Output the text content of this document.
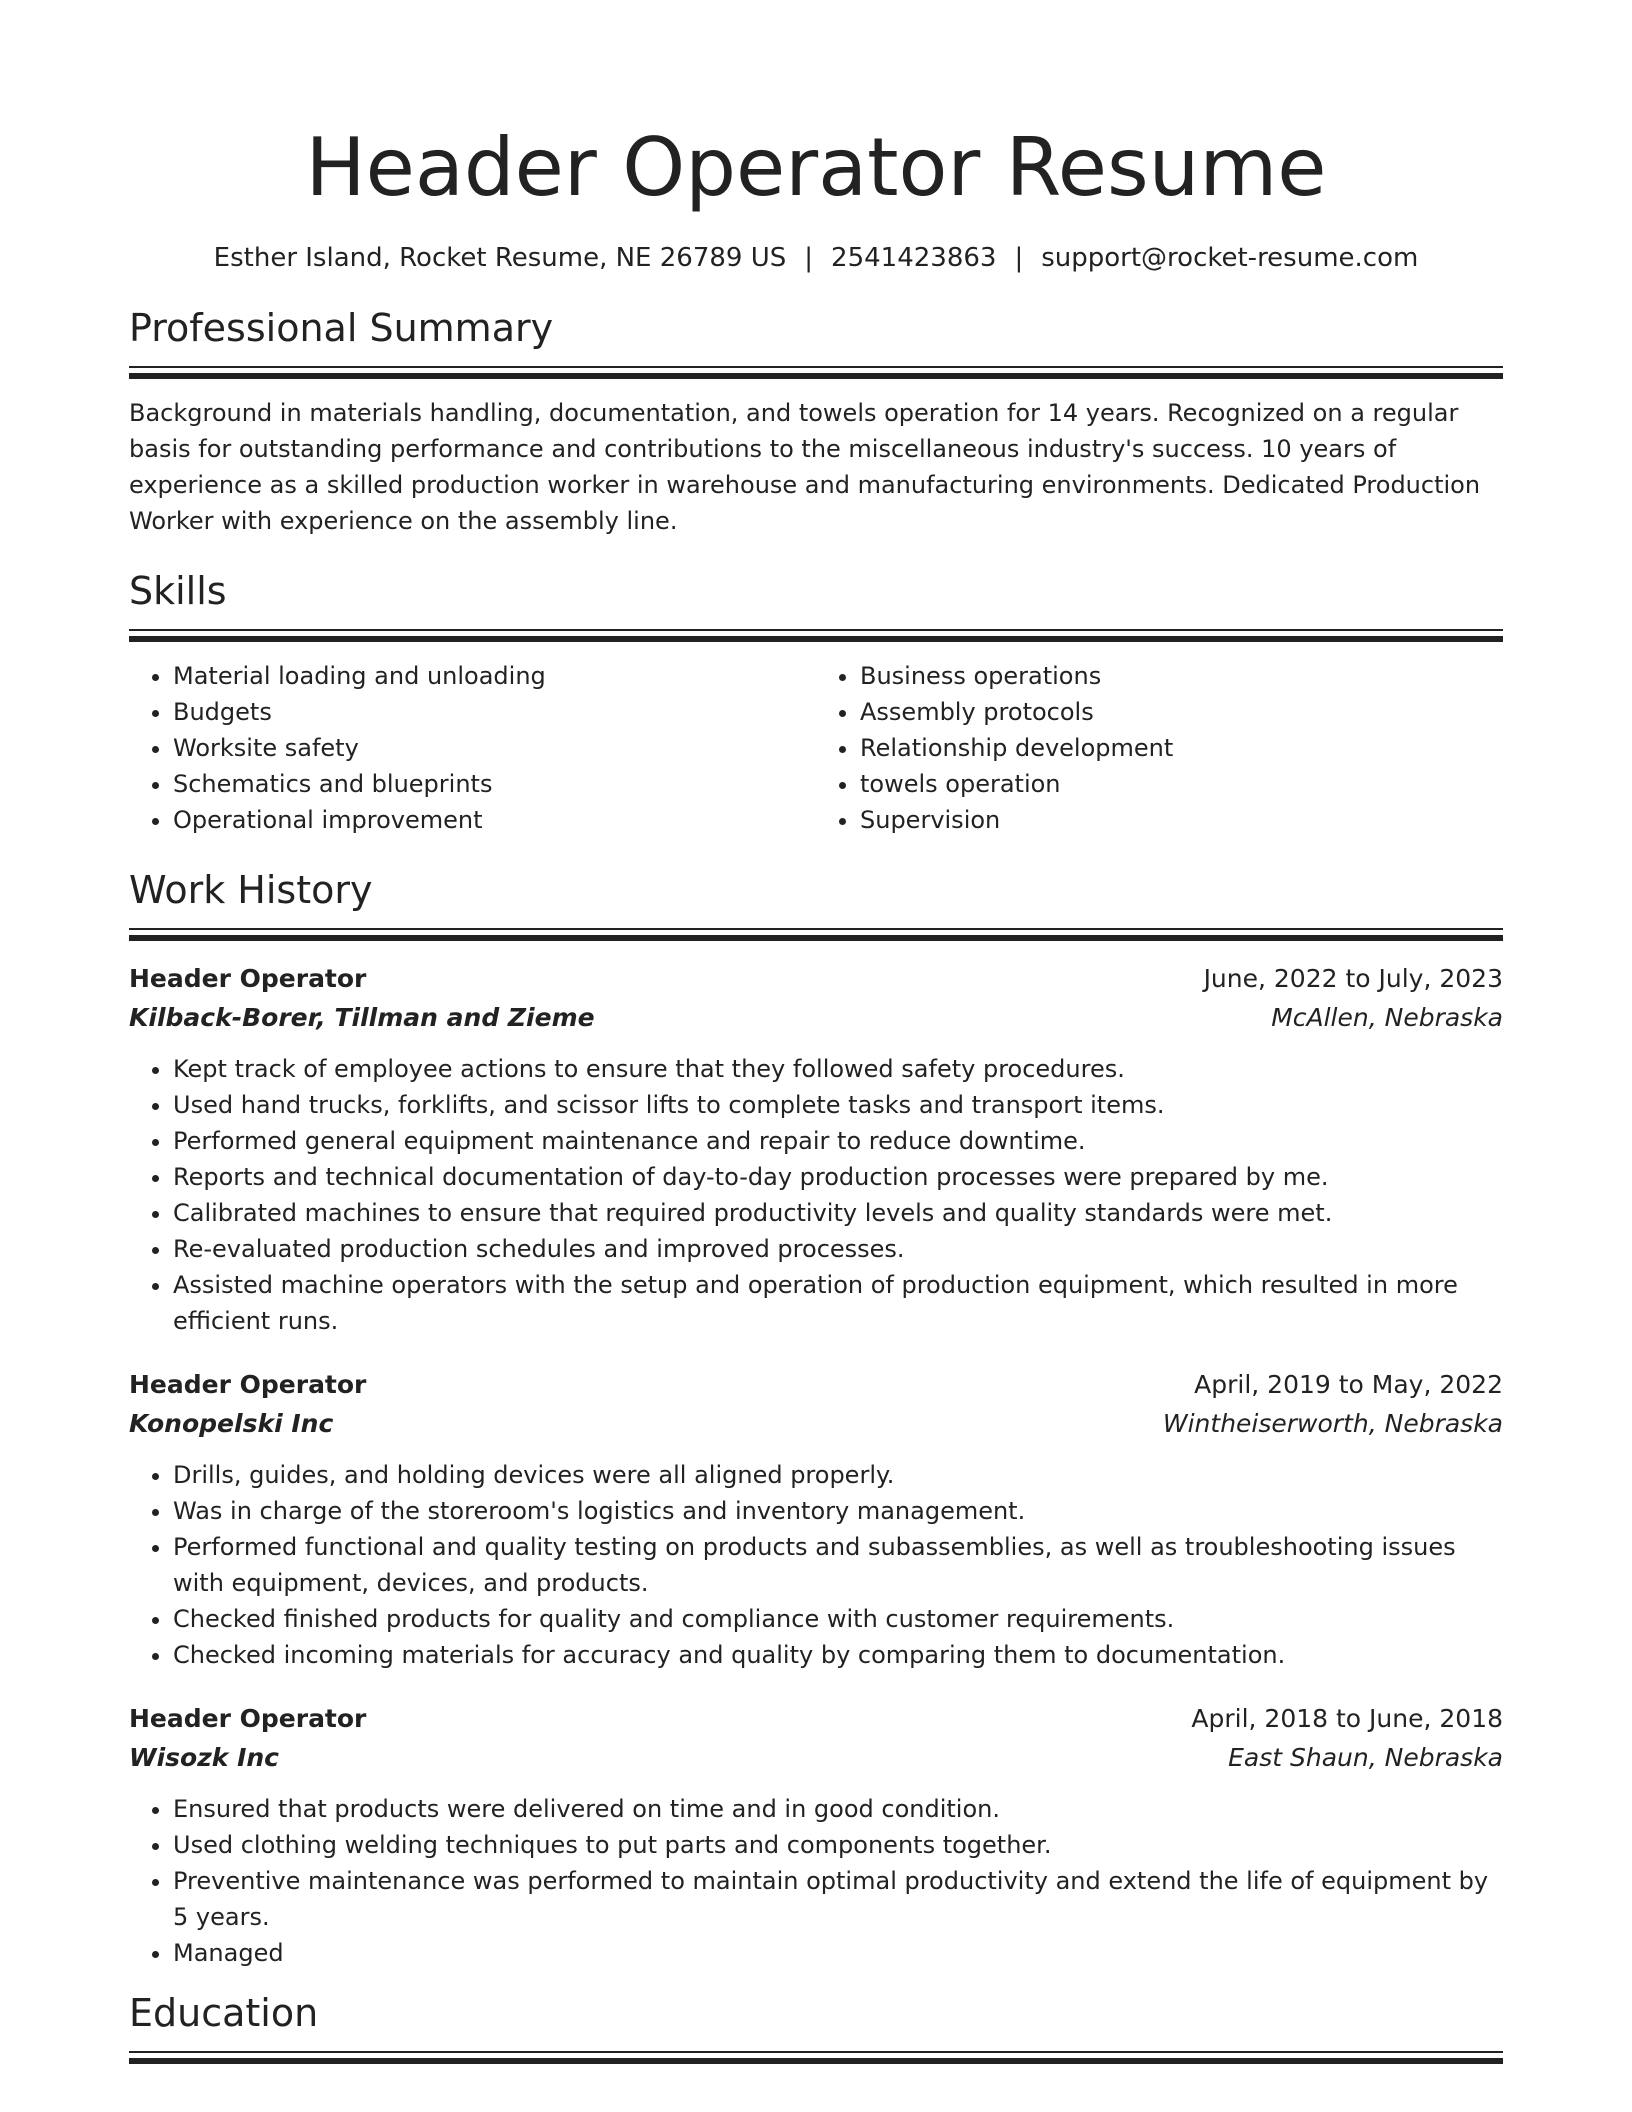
Header Operator Resume
Esther Island, Rocket Resume, NE 26789 US | 2541423863 | support@rocket-resume.com
Professional Summary
Background in materials handling, documentation, and towels operation for 14 years. Recognized on a regular basis for outstanding performance and contributions to the miscellaneous industry's success. 10 years of experience as a skilled production worker in warehouse and manufacturing environments. Dedicated Production Worker with experience on the assembly line.
Skills
• Material loading and unloading
• Budgets
• Worksite safety
• Schematics and blueprints
• Operational improvement
• Business operations
• Assembly protocols
• Relationship development
• towels operation
• Supervision
Work History
Header Operator	June, 2022 to July, 2023
Kilback-Borer, Tillman and Zieme	McAllen, Nebraska
• Kept track of employee actions to ensure that they followed safety procedures.
• Used hand trucks, forklifts, and scissor lifts to complete tasks and transport items.
• Performed general equipment maintenance and repair to reduce downtime.
• Reports and technical documentation of day-to-day production processes were prepared by me.
• Calibrated machines to ensure that required productivity levels and quality standards were met.
• Re-evaluated production schedules and improved processes.
• Assisted machine operators with the setup and operation of production equipment, which resulted in more efficient runs.
Header Operator	April, 2019 to May, 2022
Konopelski Inc	Wintheiserworth, Nebraska
• Drills, guides, and holding devices were all aligned properly.
• Was in charge of the storeroom's logistics and inventory management.
• Performed functional and quality testing on products and subassemblies, as well as troubleshooting issues with equipment, devices, and products.
• Checked finished products for quality and compliance with customer requirements.
• Checked incoming materials for accuracy and quality by comparing them to documentation.
Header Operator	April, 2018 to June, 2018
Wisozk Inc	East Shaun, Nebraska
• Ensured that products were delivered on time and in good condition.
• Used clothing welding techniques to put parts and components together.
• Preventive maintenance was performed to maintain optimal productivity and extend the life of equipment by 5 years.
• Managed
Education
